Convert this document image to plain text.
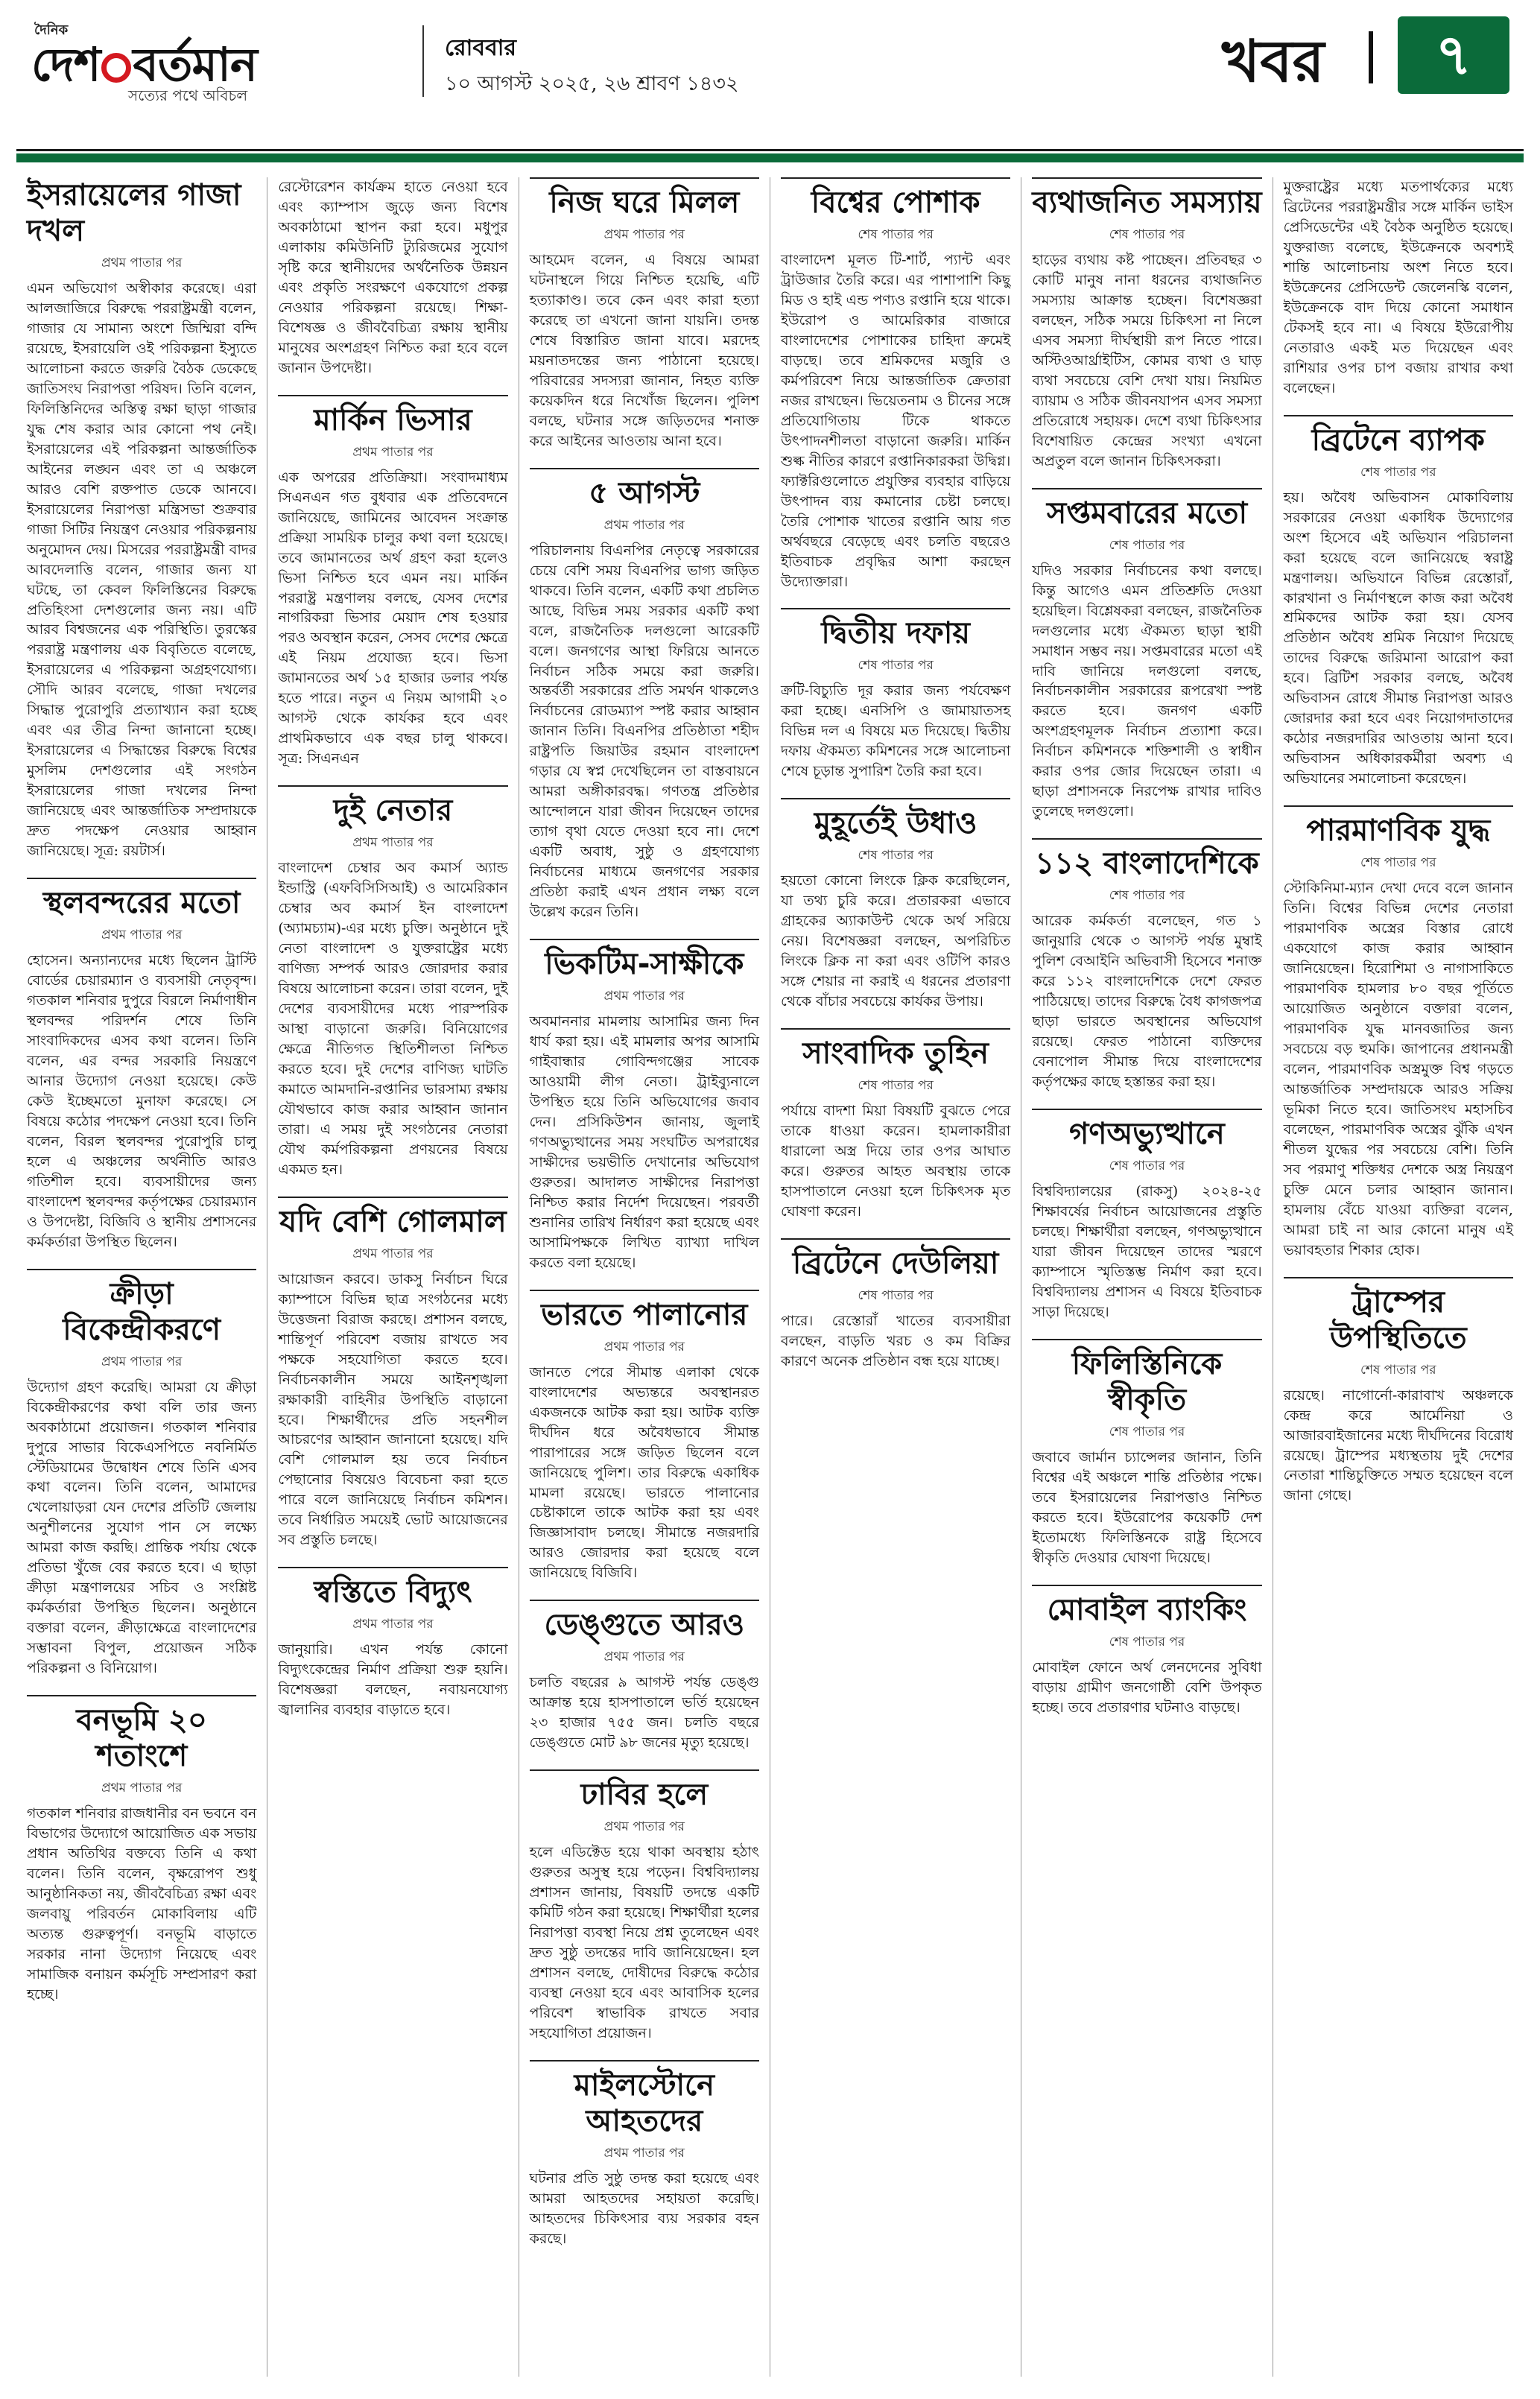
দৈনিক
দেশ বর্তমান
সত্যের পথে অবিচল
রোববার
১০ আগস্ট ২০২৫, ২৬ শ্রাবণ ১৪৩২	খবর	৭
ইসরায়েলের গাজা দখল
প্রথম পাতার পর
এমন অভিযোগ অস্বীকার করেছে। এরা আলজাজিরে বিরুদ্ধে পররাষ্ট্রমন্ত্রী বলেন, গাজার যে সামান্য অংশে জিম্মিরা বন্দি রয়েছে, ইসরায়েলি ওই পরিকল্পনা ইস্যুতে আলোচনা করতে জরুরি বৈঠক ডেকেছে জাতিসংঘ নিরাপত্তা পরিষদ। তিনি বলেন, ফিলিস্তিনিদের অস্তিত্ব রক্ষা ছাড়া গাজার যুদ্ধ শেষ করার আর কোনো পথ নেই। ইসরায়েলের এই পরিকল্পনা আন্তর্জাতিক আইনের লঙ্ঘন এবং তা এ অঞ্চলে আরও বেশি রক্তপাত ডেকে আনবে। ইসরায়েলের নিরাপত্তা মন্ত্রিসভা শুক্রবার গাজা সিটির নিয়ন্ত্রণ নেওয়ার পরিকল্পনায় অনুমোদন দেয়। মিসরের পররাষ্ট্রমন্ত্রী বাদর আবদেলাত্তি বলেন, গাজার জন্য যা ঘটছে, তা কেবল ফিলিস্তিনের বিরুদ্ধে প্রতিহিংসা দেশগুলোর জন্য নয়। এটি আরব বিশ্বজনের এক পরিস্থিতি। তুরস্কের পররাষ্ট্র মন্ত্রণালয় এক বিবৃতিতে বলেছে, ইসরায়েলের এ পরিকল্পনা অগ্রহণযোগ্য। সৌদি আরব বলেছে, গাজা দখলের সিদ্ধান্ত পুরোপুরি প্রত্যাখ্যান করা হচ্ছে এবং এর তীব্র নিন্দা জানানো হচ্ছে। ইসরায়েলের এ সিদ্ধান্তের বিরুদ্ধে বিশ্বের মুসলিম দেশগুলোর এই সংগঠন ইসরায়েলের গাজা দখলের নিন্দা জানিয়েছে এবং আন্তর্জাতিক সম্প্রদায়কে দ্রুত পদক্ষেপ নেওয়ার আহ্বান জানিয়েছে। সূত্র: রয়টার্স।
স্থলবন্দরের মতো
প্রথম পাতার পর
হোসেন। অন্যান্যদের মধ্যে ছিলেন ট্রাস্টি বোর্ডের চেয়ারম্যান ও ব্যবসায়ী নেতৃবৃন্দ। গতকাল শনিবার দুপুরে বিরলে নির্মাণাধীন স্থলবন্দর পরিদর্শন শেষে তিনি সাংবাদিকদের এসব কথা বলেন। তিনি বলেন, এর বন্দর সরকারি নিয়ন্ত্রণে আনার উদ্যোগ নেওয়া হয়েছে। কেউ কেউ ইচ্ছেমতো মুনাফা করেছে। সে বিষয়ে কঠোর পদক্ষেপ নেওয়া হবে। তিনি বলেন, বিরল স্থলবন্দর পুরোপুরি চালু হলে এ অঞ্চলের অর্থনীতি আরও গতিশীল হবে। ব্যবসায়ীদের জন্য বাংলাদেশ স্থলবন্দর কর্তৃপক্ষের চেয়ারম্যান ও উপদেষ্টা, বিজিবি ও স্থানীয় প্রশাসনের কর্মকর্তারা উপস্থিত ছিলেন।
ক্রীড়া বিকেন্দ্রীকরণে
প্রথম পাতার পর
উদ্যোগ গ্রহণ করেছি। আমরা যে ক্রীড়া বিকেন্দ্রীকরণের কথা বলি তার জন্য অবকাঠামো প্রয়োজন। গতকাল শনিবার দুপুরে সাভার বিকেএসপিতে নবনির্মিত স্টেডিয়ামের উদ্বোধন শেষে তিনি এসব কথা বলেন। তিনি বলেন, আমাদের খেলোয়াড়রা যেন দেশের প্রতিটি জেলায় অনুশীলনের সুযোগ পান সে লক্ষ্যে আমরা কাজ করছি। প্রান্তিক পর্যায় থেকে প্রতিভা খুঁজে বের করতে হবে। এ ছাড়া ক্রীড়া মন্ত্রণালয়ের সচিব ও সংশ্লিষ্ট কর্মকর্তারা উপস্থিত ছিলেন। অনুষ্ঠানে বক্তারা বলেন, ক্রীড়াক্ষেত্রে বাংলাদেশের সম্ভাবনা বিপুল, প্রয়োজন সঠিক পরিকল্পনা ও বিনিয়োগ।
বনভূমি ২০ শতাংশে
প্রথম পাতার পর
গতকাল শনিবার রাজধানীর বন ভবনে বন বিভাগের উদ্যোগে আয়োজিত এক সভায় প্রধান অতিথির বক্তব্যে তিনি এ কথা বলেন। তিনি বলেন, বৃক্ষরোপণ শুধু আনুষ্ঠানিকতা নয়, জীববৈচিত্র্য রক্ষা এবং জলবায়ু পরিবর্তন মোকাবিলায় এটি অত্যন্ত গুরুত্বপূর্ণ। বনভূমি বাড়াতে সরকার নানা উদ্যোগ নিয়েছে এবং সামাজিক বনায়ন কর্মসূচি সম্প্রসারণ করা হচ্ছে।
রেস্টোরেশন কার্যক্রম হাতে নেওয়া হবে এবং ক্যাম্পাস জুড়ে জন্য বিশেষ অবকাঠামো স্থাপন করা হবে। মধুপুর এলাকায় কমিউনিটি ট্যুরিজমের সুযোগ সৃষ্টি করে স্থানীয়দের অর্থনৈতিক উন্নয়ন এবং প্রকৃতি সংরক্ষণে একযোগে প্রকল্প নেওয়ার পরিকল্পনা রয়েছে। শিক্ষা-বিশেষজ্ঞ ও জীববৈচিত্র্য রক্ষায় স্থানীয় মানুষের অংশগ্রহণ নিশ্চিত করা হবে বলে জানান উপদেষ্টা।
মার্কিন ভিসার
প্রথম পাতার পর
এক অপরের প্রতিক্রিয়া। সংবাদমাধ্যম সিএনএন গত বুধবার এক প্রতিবেদনে জানিয়েছে, জামিনের আবেদন সংক্রান্ত প্রক্রিয়া সাময়িক চালুর কথা বলা হয়েছে। তবে জামানতের অর্থ গ্রহণ করা হলেও ভিসা নিশ্চিত হবে এমন নয়। মার্কিন পররাষ্ট্র মন্ত্রণালয় বলছে, যেসব দেশের নাগরিকরা ভিসার মেয়াদ শেষ হওয়ার পরও অবস্থান করেন, সেসব দেশের ক্ষেত্রে এই নিয়ম প্রযোজ্য হবে। ভিসা জামানতের অর্থ ১৫ হাজার ডলার পর্যন্ত হতে পারে। নতুন এ নিয়ম আগামী ২০ আগস্ট থেকে কার্যকর হবে এবং প্রাথমিকভাবে এক বছর চালু থাকবে। সূত্র: সিএনএন
দুই নেতার
প্রথম পাতার পর
বাংলাদেশ চেম্বার অব কমার্স অ্যান্ড ইন্ডাস্ট্রি (এফবিসিসিআই) ও আমেরিকান চেম্বার অব কমার্স ইন বাংলাদেশ (অ্যামচ্যাম)-এর মধ্যে চুক্তি। অনুষ্ঠানে দুই নেতা বাংলাদেশ ও যুক্তরাষ্ট্রের মধ্যে বাণিজ্য সম্পর্ক আরও জোরদার করার বিষয়ে আলোচনা করেন। তারা বলেন, দুই দেশের ব্যবসায়ীদের মধ্যে পারস্পরিক আস্থা বাড়ানো জরুরি। বিনিয়োগের ক্ষেত্রে নীতিগত স্থিতিশীলতা নিশ্চিত করতে হবে। দুই দেশের বাণিজ্য ঘাটতি কমাতে আমদানি-রপ্তানির ভারসাম্য রক্ষায় যৌথভাবে কাজ করার আহ্বান জানান তারা। এ সময় দুই সংগঠনের নেতারা যৌথ কর্মপরিকল্পনা প্রণয়নের বিষয়ে একমত হন।
যদি বেশি গোলমাল
প্রথম পাতার পর
আয়োজন করবে। ডাকসু নির্বাচন ঘিরে ক্যাম্পাসে বিভিন্ন ছাত্র সংগঠনের মধ্যে উত্তেজনা বিরাজ করছে। প্রশাসন বলছে, শান্তিপূর্ণ পরিবেশ বজায় রাখতে সব পক্ষকে সহযোগিতা করতে হবে। নির্বাচনকালীন সময়ে আইনশৃঙ্খলা রক্ষাকারী বাহিনীর উপস্থিতি বাড়ানো হবে। শিক্ষার্থীদের প্রতি সহনশীল আচরণের আহ্বান জানানো হয়েছে। যদি বেশি গোলমাল হয় তবে নির্বাচন পেছানোর বিষয়েও বিবেচনা করা হতে পারে বলে জানিয়েছে নির্বাচন কমিশন। তবে নির্ধারিত সময়েই ভোট আয়োজনের সব প্রস্তুতি চলছে।
স্বস্তিতে বিদ্যুৎ
প্রথম পাতার পর
জানুয়ারি। এখন পর্যন্ত কোনো বিদ্যুৎকেন্দ্রের নির্মাণ প্রক্রিয়া শুরু হয়নি। বিশেষজ্ঞরা বলছেন, নবায়নযোগ্য জ্বালানির ব্যবহার বাড়াতে হবে।
নিজ ঘরে মিলল
প্রথম পাতার পর
আহমেদ বলেন, এ বিষয়ে আমরা ঘটনাস্থলে গিয়ে নিশ্চিত হয়েছি, এটি হত্যাকাণ্ড। তবে কেন এবং কারা হত্যা করেছে তা এখনো জানা যায়নি। তদন্ত শেষে বিস্তারিত জানা যাবে। মরদেহ ময়নাতদন্তের জন্য পাঠানো হয়েছে। পরিবারের সদস্যরা জানান, নিহত ব্যক্তি কয়েকদিন ধরে নিখোঁজ ছিলেন। পুলিশ বলছে, ঘটনার সঙ্গে জড়িতদের শনাক্ত করে আইনের আওতায় আনা হবে।
৫ আগস্ট
প্রথম পাতার পর
পরিচালনায় বিএনপির নেতৃত্বে সরকারের চেয়ে বেশি সময় বিএনপির ভাগ্য জড়িত থাকবে। তিনি বলেন, একটি কথা প্রচলিত আছে, বিভিন্ন সময় সরকার একটি কথা বলে, রাজনৈতিক দলগুলো আরেকটি বলে। জনগণের আস্থা ফিরিয়ে আনতে নির্বাচন সঠিক সময়ে করা জরুরি। অন্তর্বর্তী সরকারের প্রতি সমর্থন থাকলেও নির্বাচনের রোডম্যাপ স্পষ্ট করার আহ্বান জানান তিনি। বিএনপির প্রতিষ্ঠাতা শহীদ রাষ্ট্রপতি জিয়াউর রহমান বাংলাদেশ গড়ার যে স্বপ্ন দেখেছিলেন তা বাস্তবায়নে আমরা অঙ্গীকারবদ্ধ। গণতন্ত্র প্রতিষ্ঠার আন্দোলনে যারা জীবন দিয়েছেন তাদের ত্যাগ বৃথা যেতে দেওয়া হবে না। দেশে একটি অবাধ, সুষ্ঠু ও গ্রহণযোগ্য নির্বাচনের মাধ্যমে জনগণের সরকার প্রতিষ্ঠা করাই এখন প্রধান লক্ষ্য বলে উল্লেখ করেন তিনি।
ভিকটিম-সাক্ষীকে
প্রথম পাতার পর
অবমাননার মামলায় আসামির জন্য দিন ধার্য করা হয়। এই মামলার অপর আসামি গাইবান্ধার গোবিন্দগঞ্জের সাবেক আওয়ামী লীগ নেতা। ট্রাইব্যুনালে উপস্থিত হয়ে তিনি অভিযোগের জবাব দেন। প্রসিকিউশন জানায়, জুলাই গণঅভ্যুত্থানের সময় সংঘটিত অপরাধের সাক্ষীদের ভয়ভীতি দেখানোর অভিযোগ গুরুতর। আদালত সাক্ষীদের নিরাপত্তা নিশ্চিত করার নির্দেশ দিয়েছেন। পরবর্তী শুনানির তারিখ নির্ধারণ করা হয়েছে এবং আসামিপক্ষকে লিখিত ব্যাখ্যা দাখিল করতে বলা হয়েছে।
ভারতে পালানোর
প্রথম পাতার পর
জানতে পেরে সীমান্ত এলাকা থেকে বাংলাদেশের অভ্যন্তরে অবস্থানরত একজনকে আটক করা হয়। আটক ব্যক্তি দীর্ঘদিন ধরে অবৈধভাবে সীমান্ত পারাপারের সঙ্গে জড়িত ছিলেন বলে জানিয়েছে পুলিশ। তার বিরুদ্ধে একাধিক মামলা রয়েছে। ভারতে পালানোর চেষ্টাকালে তাকে আটক করা হয় এবং জিজ্ঞাসাবাদ চলছে। সীমান্তে নজরদারি আরও জোরদার করা হয়েছে বলে জানিয়েছে বিজিবি।
ডেঙ্গুতে আরও
প্রথম পাতার পর
চলতি বছরের ৯ আগস্ট পর্যন্ত ডেঙ্গু আক্রান্ত হয়ে হাসপাতালে ভর্তি হয়েছেন ২৩ হাজার ৭৫৫ জন। চলতি বছরে ডেঙ্গুতে মোট ৯৮ জনের মৃত্যু হয়েছে।
ঢাবির হলে
প্রথম পাতার পর
হলে এডিক্টেড হয়ে থাকা অবস্থায় হঠাৎ গুরুতর অসুস্থ হয়ে পড়েন। বিশ্ববিদ্যালয় প্রশাসন জানায়, বিষয়টি তদন্তে একটি কমিটি গঠন করা হয়েছে। শিক্ষার্থীরা হলের নিরাপত্তা ব্যবস্থা নিয়ে প্রশ্ন তুলেছেন এবং দ্রুত সুষ্ঠু তদন্তের দাবি জানিয়েছেন। হল প্রশাসন বলছে, দোষীদের বিরুদ্ধে কঠোর ব্যবস্থা নেওয়া হবে এবং আবাসিক হলের পরিবেশ স্বাভাবিক রাখতে সবার সহযোগিতা প্রয়োজন।
মাইলস্টোনে আহতদের
প্রথম পাতার পর
ঘটনার প্রতি সুষ্ঠু তদন্ত করা হয়েছে এবং আমরা আহতদের সহায়তা করেছি। আহতদের চিকিৎসার ব্যয় সরকার বহন করছে।
বিশ্বের পোশাক
শেষ পাতার পর
বাংলাদেশ মূলত টি-শার্ট, প্যান্ট এবং ট্রাউজার তৈরি করে। এর পাশাপাশি কিছু মিড ও হাই এন্ড পণ্যও রপ্তানি হয়ে থাকে। ইউরোপ ও আমেরিকার বাজারে বাংলাদেশের পোশাকের চাহিদা ক্রমেই বাড়ছে। তবে শ্রমিকদের মজুরি ও কর্মপরিবেশ নিয়ে আন্তর্জাতিক ক্রেতারা নজর রাখছেন। ভিয়েতনাম ও চীনের সঙ্গে প্রতিযোগিতায় টিকে থাকতে উৎপাদনশীলতা বাড়ানো জরুরি। মার্কিন শুল্ক নীতির কারণে রপ্তানিকারকরা উদ্বিগ্ন। ফ্যাক্টরিগুলোতে প্রযুক্তির ব্যবহার বাড়িয়ে উৎপাদন ব্যয় কমানোর চেষ্টা চলছে। তৈরি পোশাক খাতের রপ্তানি আয় গত অর্থবছরে বেড়েছে এবং চলতি বছরেও ইতিবাচক প্রবৃদ্ধির আশা করছেন উদ্যোক্তারা।
দ্বিতীয় দফায়
শেষ পাতার পর
ক্রটি-বিচ্যুতি দূর করার জন্য পর্যবেক্ষণ করা হচ্ছে। এনসিপি ও জামায়াতসহ বিভিন্ন দল এ বিষয়ে মত দিয়েছে। দ্বিতীয় দফায় ঐকমত্য কমিশনের সঙ্গে আলোচনা শেষে চূড়ান্ত সুপারিশ তৈরি করা হবে।
মুহূর্তেই উধাও
শেষ পাতার পর
হয়তো কোনো লিংকে ক্লিক করেছিলেন, যা তথ্য চুরি করে। প্রতারকরা এভাবে গ্রাহকের অ্যাকাউন্ট থেকে অর্থ সরিয়ে নেয়। বিশেষজ্ঞরা বলছেন, অপরিচিত লিংকে ক্লিক না করা এবং ওটিপি কারও সঙ্গে শেয়ার না করাই এ ধরনের প্রতারণা থেকে বাঁচার সবচেয়ে কার্যকর উপায়।
সাংবাদিক তুহিন
শেষ পাতার পর
পর্যায়ে বাদশা মিয়া বিষয়টি বুঝতে পেরে তাকে ধাওয়া করেন। হামলাকারীরা ধারালো অস্ত্র দিয়ে তার ওপর আঘাত করে। গুরুতর আহত অবস্থায় তাকে হাসপাতালে নেওয়া হলে চিকিৎসক মৃত ঘোষণা করেন।
ব্রিটেনে দেউলিয়া
শেষ পাতার পর
পারে। রেস্তোরাঁ খাতের ব্যবসায়ীরা বলছেন, বাড়তি খরচ ও কম বিক্রির কারণে অনেক প্রতিষ্ঠান বন্ধ হয়ে যাচ্ছে।
ব্যথাজনিত সমস্যায়
শেষ পাতার পর
হাড়ের ব্যথায় কষ্ট পাচ্ছেন। প্রতিবছর ৩ কোটি মানুষ নানা ধরনের ব্যথাজনিত সমস্যায় আক্রান্ত হচ্ছেন। বিশেষজ্ঞরা বলছেন, সঠিক সময়ে চিকিৎসা না নিলে এসব সমস্যা দীর্ঘস্থায়ী রূপ নিতে পারে। অস্টিওআর্থ্রাইটিস, কোমর ব্যথা ও ঘাড় ব্যথা সবচেয়ে বেশি দেখা যায়। নিয়মিত ব্যায়াম ও সঠিক জীবনযাপন এসব সমস্যা প্রতিরোধে সহায়ক। দেশে ব্যথা চিকিৎসার বিশেষায়িত কেন্দ্রের সংখ্যা এখনো অপ্রতুল বলে জানান চিকিৎসকরা।
সপ্তমবারের মতো
শেষ পাতার পর
যদিও সরকার নির্বাচনের কথা বলছে। কিন্তু আগেও এমন প্রতিশ্রুতি দেওয়া হয়েছিল। বিশ্লেষকরা বলছেন, রাজনৈতিক দলগুলোর মধ্যে ঐকমত্য ছাড়া স্থায়ী সমাধান সম্ভব নয়। সপ্তমবারের মতো এই দাবি জানিয়ে দলগুলো বলছে, নির্বাচনকালীন সরকারের রূপরেখা স্পষ্ট করতে হবে। জনগণ একটি অংশগ্রহণমূলক নির্বাচন প্রত্যাশা করে। নির্বাচন কমিশনকে শক্তিশালী ও স্বাধীন করার ওপর জোর দিয়েছেন তারা। এ ছাড়া প্রশাসনকে নিরপেক্ষ রাখার দাবিও তুলেছে দলগুলো।
১১২ বাংলাদেশিকে
শেষ পাতার পর
আরেক কর্মকর্তা বলেছেন, গত ১ জানুয়ারি থেকে ৩ আগস্ট পর্যন্ত মুম্বাই পুলিশ বেআইনি অভিবাসী হিসেবে শনাক্ত করে ১১২ বাংলাদেশিকে দেশে ফেরত পাঠিয়েছে। তাদের বিরুদ্ধে বৈধ কাগজপত্র ছাড়া ভারতে অবস্থানের অভিযোগ রয়েছে। ফেরত পাঠানো ব্যক্তিদের বেনাপোল সীমান্ত দিয়ে বাংলাদেশের কর্তৃপক্ষের কাছে হস্তান্তর করা হয়।
গণঅভ্যুত্থানে
শেষ পাতার পর
বিশ্ববিদ্যালয়ের (রাকসু) ২০২৪-২৫ শিক্ষাবর্ষের নির্বাচন আয়োজনের প্রস্তুতি চলছে। শিক্ষার্থীরা বলছেন, গণঅভ্যুত্থানে যারা জীবন দিয়েছেন তাদের স্মরণে ক্যাম্পাসে স্মৃতিস্তম্ভ নির্মাণ করা হবে। বিশ্ববিদ্যালয় প্রশাসন এ বিষয়ে ইতিবাচক সাড়া দিয়েছে।
ফিলিস্তিনিকে স্বীকৃতি
শেষ পাতার পর
জবাবে জার্মান চ্যান্সেলর জানান, তিনি বিশ্বের এই অঞ্চলে শান্তি প্রতিষ্ঠার পক্ষে। তবে ইসরায়েলের নিরাপত্তাও নিশ্চিত করতে হবে। ইউরোপের কয়েকটি দেশ ইতোমধ্যে ফিলিস্তিনকে রাষ্ট্র হিসেবে স্বীকৃতি দেওয়ার ঘোষণা দিয়েছে।
মোবাইল ব্যাংকিং
শেষ পাতার পর
মোবাইল ফোনে অর্থ লেনদেনের সুবিধা বাড়ায় গ্রামীণ জনগোষ্ঠী বেশি উপকৃত হচ্ছে। তবে প্রতারণার ঘটনাও বাড়ছে।
মুক্তরাষ্ট্রের মধ্যে মতপার্থক্যের মধ্যে ব্রিটেনের পররাষ্ট্রমন্ত্রীর সঙ্গে মার্কিন ভাইস প্রেসিডেন্টের এই বৈঠক অনুষ্ঠিত হয়েছে। যুক্তরাজ্য বলেছে, ইউক্রেনকে অবশ্যই শান্তি আলোচনায় অংশ নিতে হবে। ইউক্রেনের প্রেসিডেন্ট জেলেনস্কি বলেন, ইউক্রেনকে বাদ দিয়ে কোনো সমাধান টেকসই হবে না। এ বিষয়ে ইউরোপীয় নেতারাও একই মত দিয়েছেন এবং রাশিয়ার ওপর চাপ বজায় রাখার কথা বলেছেন।
ব্রিটেনে ব্যাপক
শেষ পাতার পর
হয়। অবৈধ অভিবাসন মোকাবিলায় সরকারের নেওয়া একাধিক উদ্যোগের অংশ হিসেবে এই অভিযান পরিচালনা করা হয়েছে বলে জানিয়েছে স্বরাষ্ট্র মন্ত্রণালয়। অভিযানে বিভিন্ন রেস্তোরাঁ, কারখানা ও নির্মাণস্থলে কাজ করা অবৈধ শ্রমিকদের আটক করা হয়। যেসব প্রতিষ্ঠান অবৈধ শ্রমিক নিয়োগ দিয়েছে তাদের বিরুদ্ধে জরিমানা আরোপ করা হবে। ব্রিটিশ সরকার বলছে, অবৈধ অভিবাসন রোধে সীমান্ত নিরাপত্তা আরও জোরদার করা হবে এবং নিয়োগদাতাদের কঠোর নজরদারির আওতায় আনা হবে। অভিবাসন অধিকারকর্মীরা অবশ্য এ অভিযানের সমালোচনা করেছেন।
পারমাণবিক যুদ্ধ
শেষ পাতার পর
স্টোকিনিমা-ম্যান দেখা দেবে বলে জানান তিনি। বিশ্বের বিভিন্ন দেশের নেতারা পারমাণবিক অস্ত্রের বিস্তার রোধে একযোগে কাজ করার আহ্বান জানিয়েছেন। হিরোশিমা ও নাগাসাকিতে পারমাণবিক হামলার ৮০ বছর পূর্তিতে আয়োজিত অনুষ্ঠানে বক্তারা বলেন, পারমাণবিক যুদ্ধ মানবজাতির জন্য সবচেয়ে বড় হুমকি। জাপানের প্রধানমন্ত্রী বলেন, পারমাণবিক অস্ত্রমুক্ত বিশ্ব গড়তে আন্তর্জাতিক সম্প্রদায়কে আরও সক্রিয় ভূমিকা নিতে হবে। জাতিসংঘ মহাসচিব বলেছেন, পারমাণবিক অস্ত্রের ঝুঁকি এখন শীতল যুদ্ধের পর সবচেয়ে বেশি। তিনি সব পরমাণু শক্তিধর দেশকে অস্ত্র নিয়ন্ত্রণ চুক্তি মেনে চলার আহ্বান জানান। হামলায় বেঁচে যাওয়া ব্যক্তিরা বলেন, আমরা চাই না আর কোনো মানুষ এই ভয়াবহতার শিকার হোক।
ট্রাম্পের উপস্থিতিতে
শেষ পাতার পর
রয়েছে। নাগোর্নো-কারাবাখ অঞ্চলকে কেন্দ্র করে আর্মেনিয়া ও আজারবাইজানের মধ্যে দীর্ঘদিনের বিরোধ রয়েছে। ট্রাম্পের মধ্যস্থতায় দুই দেশের নেতারা শান্তিচুক্তিতে সম্মত হয়েছেন বলে জানা গেছে।
